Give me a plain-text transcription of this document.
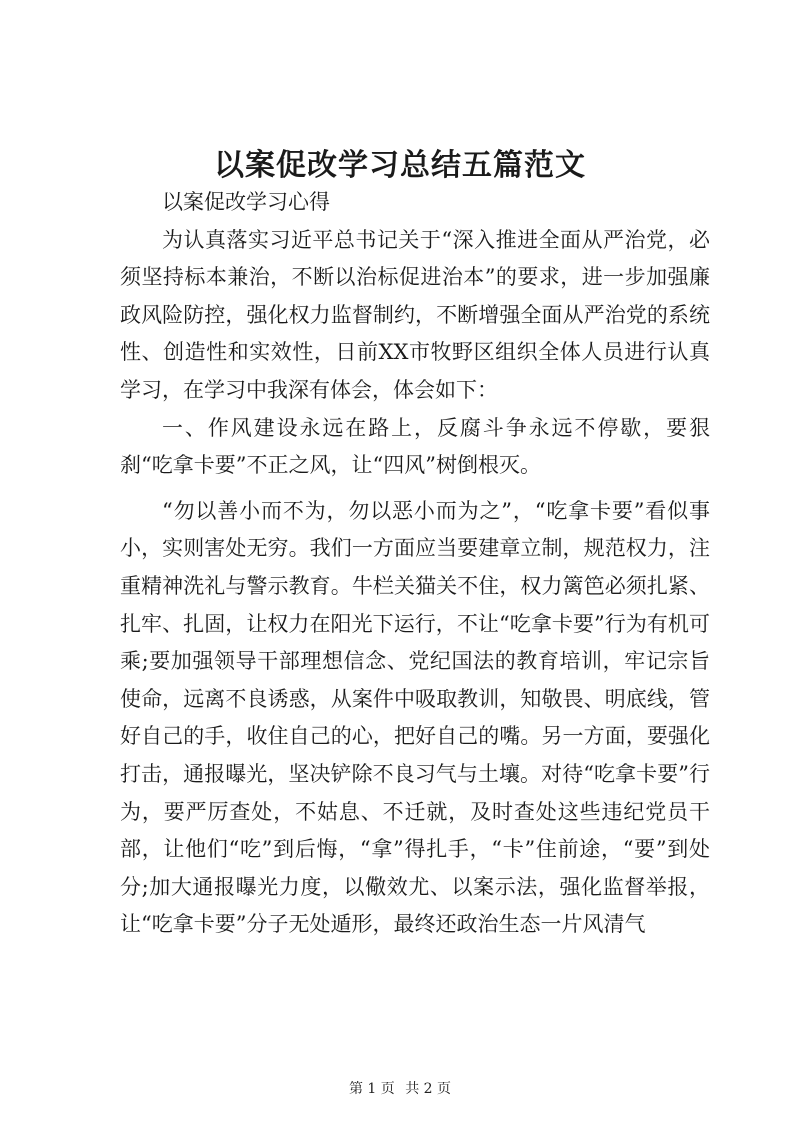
以案促改学习总结五篇范文

以案促改学习心得

为认真落实习近平总书记关于“深入推进全面从严治党，必须坚持标本兼治，不断以治标促进治本”的要求，进一步加强廉政风险防控，强化权力监督制约，不断增强全面从严治党的系统性、创造性和实效性，日前XX市牧野区组织全体人员进行认真学习，在学习中我深有体会，体会如下：

一、作风建设永远在路上，反腐斗争永远不停歇，要狠刹“吃拿卡要”不正之风，让“四风”树倒根灭。

“勿以善小而不为，勿以恶小而为之”，“吃拿卡要”看似事小，实则害处无穷。我们一方面应当要建章立制，规范权力，注重精神洗礼与警示教育。牛栏关猫关不住，权力篱笆必须扎紧、扎牢、扎固，让权力在阳光下运行，不让“吃拿卡要”行为有机可乘;要加强领导干部理想信念、党纪国法的教育培训，牢记宗旨使命，远离不良诱惑，从案件中吸取教训，知敬畏、明底线，管好自己的手，收住自己的心，把好自己的嘴。另一方面，要强化打击，通报曝光，坚决铲除不良习气与土壤。对待“吃拿卡要”行为，要严厉查处，不姑息、不迁就，及时查处这些违纪党员干部，让他们“吃”到后悔，“拿”得扎手，“卡”住前途，“要”到处分;加大通报曝光力度，以儆效尤、以案示法，强化监督举报，让“吃拿卡要”分子无处遁形，最终还政治生态一片风清气

第 1 页 共 2 页
